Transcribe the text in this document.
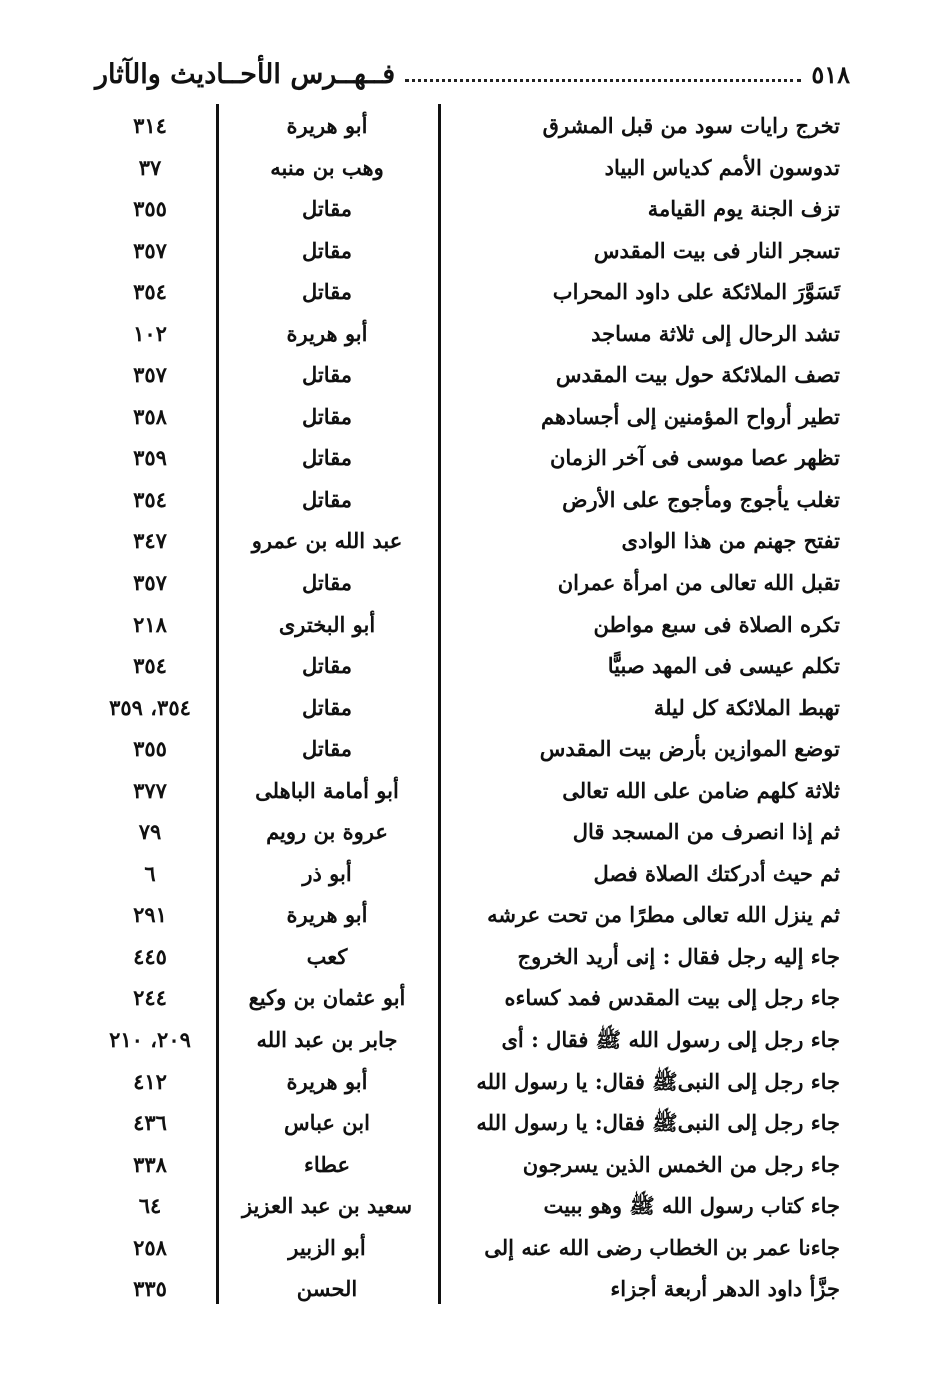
٥١٨
فــهــرس الأحــاديث والآثار
تخرج رايات سود من قبل المشرق
أبو هريرة
٣١٤
تدوسون الأمم كدياس البياد
وهب بن منبه
٣٧
تزف الجنة يوم القيامة
مقاتل
٣٥٥
تسجر النار فى بيت المقدس
مقاتل
٣٥٧
تَسَوَّرَ الملائكة على داود المحراب
مقاتل
٣٥٤
تشد الرحال إلى ثلاثة مساجد
أبو هريرة
١٠٢
تصف الملائكة حول بيت المقدس
مقاتل
٣٥٧
تطير أرواح المؤمنين إلى أجسادهم
مقاتل
٣٥٨
تظهر عصا موسى فى آخر الزمان
مقاتل
٣٥٩
تغلب يأجوج ومأجوج على الأرض
مقاتل
٣٥٤
تفتح جهنم من هذا الوادى
عبد الله بن عمرو
٣٤٧
تقبل الله تعالى من امرأة عمران
مقاتل
٣٥٧
تكره الصلاة فى سبع مواطن
أبو البخترى
٢١٨
تكلم عيسى فى المهد صبيًّا
مقاتل
٣٥٤
تهبط الملائكة كل ليلة
مقاتل
٣٥٤، ٣٥٩
توضع الموازين بأرض بيت المقدس
مقاتل
٣٥٥
ثلاثة كلهم ضامن على الله تعالى
أبو أمامة الباهلى
٣٧٧
ثم إذا انصرف من المسجد قال
عروة بن رويم
٧٩
ثم حيث أدركتك الصلاة فصل
أبو ذر
٦
ثم ينزل الله تعالى مطرًا من تحت عرشه
أبو هريرة
٢٩١
جاء إليه رجل فقال : إنى أريد الخروج
كعب
٤٤٥
جاء رجل إلى بيت المقدس فمد كساءه
أبو عثمان بن وكيع
٢٤٤
جاء رجل إلى رسول الله ﷺ فقال : أى
جابر بن عبد الله
٢٠٩، ٢١٠
جاء رجل إلى النبىﷺ فقال: يا رسول الله
أبو هريرة
٤١٢
جاء رجل إلى النبىﷺ فقال: يا رسول الله
ابن عباس
٤٣٦
جاء رجل من الخمس الذين يسرجون
عطاء
٣٣٨
جاء كتاب رسول الله ﷺ وهو ببيت
سعيد بن عبد العزيز
٦٤
جاءنا عمر بن الخطاب رضى الله عنه إلى
أبو الزبير
٢٥٨
جزَّأ داود الدهر أربعة أجزاء
الحسن
٣٣٥
